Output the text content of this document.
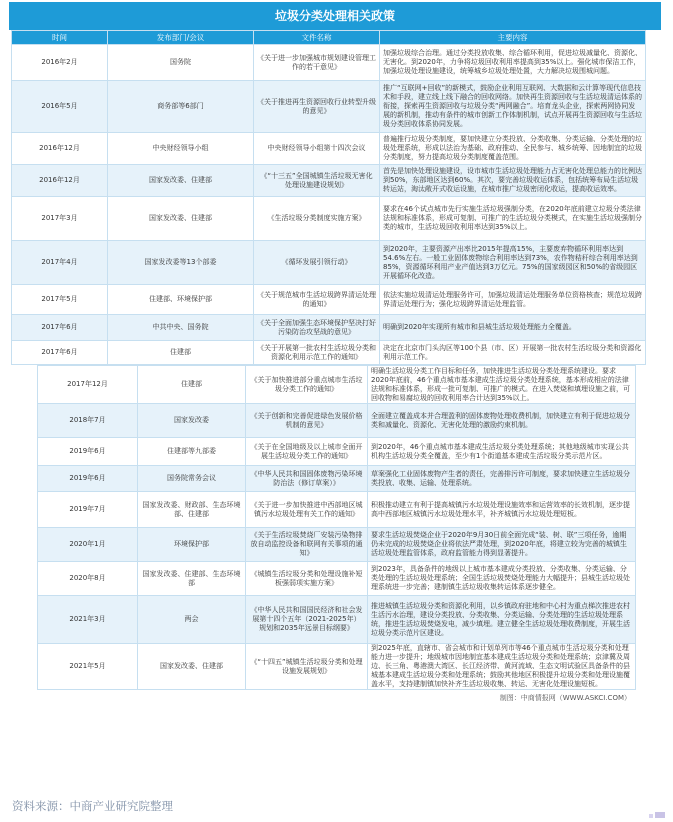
垃圾分类处理相关政策
时间	发布部门/会议	文件名称	主要内容
2016年2月	国务院	《关于进一步加强城市规划建设管理工作的若干意见》	加强垃圾综合治理。通过分类投放收集、综合循环利用，促进垃圾减量化、资源化、无害化。到2020年，力争将垃圾回收利用率提高到35%以上。强化城市保洁工作，加强垃圾处理设施建设，统筹城乡垃圾处理处置，大力解决垃圾围城问题。
2016年5月	商务部等6部门	《关于推进再生资源回收行业转型升级的意见》	推广“互联网+回收”的新模式，鼓励企业利用互联网、大数据和云计算等现代信息技术和手段，建立线上线下融合的回收网络。加快再生资源回收与生活垃圾清运体系的衔接，探索再生资源回收与垃圾分类“两网融合”。培育龙头企业，探索两网协同发展的新机制，推动有条件的城市创新工作体制机制，试点开展再生资源回收与生活垃圾分类回收体系协同发展。
2016年12月	中央财经领导小组	中央财经领导小组第十四次会议	普遍推行垃圾分类制度，要加快建立分类投放、分类收集、分类运输、分类处理的垃圾处理系统，形成以法治为基础、政府推动、全民参与、城乡统筹、因地制宜的垃圾分类制度，努力提高垃圾分类制度覆盖范围。
2016年12月	国家发改委、住建部	《“十三五”全国城镇生活垃圾无害化处理设施建设规划》	首先是加快处理设施建设，设市城市生活垃圾处理能力占无害化处理总能力的比例达到50%，东部地区达到60%。其次，要完善垃圾收运体系，包括统筹布局生活垃圾转运站，淘汰敞开式收运设施，在城市推广垃圾密闭化收运，提高收运效率。
2017年3月	国家发改委、住建部	《生活垃圾分类制度实施方案》	要求在46个试点城市先行实施生活垃圾强制分类，在2020年底前建立垃圾分类法律法规和标准体系，形成可复制、可推广的生活垃圾分类模式，在实施生活垃圾强制分类的城市，生活垃圾回收利用率达到35%以上。
2017年4月	国家发改委等13个部委	《循环发展引领行动》	到2020年，主要资源产出率比2015年提高15%，主要废弃物循环利用率达到54.6%左右。一般工业固体废物综合利用率达到73%，农作物秸秆综合利用率达到85%，资源循环利用产业产值达到3万亿元。75%的国家级园区和50%的省级园区开展循环化改造。
2017年5月	住建部、环境保护部	《关于规范城市生活垃圾跨界清运处理的通知》	依法实施垃圾清运处理服务许可，加强垃圾清运处理服务单位资格核查；规范垃圾跨界清运处理行为；强化垃圾跨界清运处理监管。
2017年6月	中共中央、国务院	《关于全面加强生态环境保护坚决打好污染防治攻坚战的意见》	明确到2020年实现所有城市和县城生活垃圾处理能力全覆盖。
2017年6月	住建部	《关于开展第一批农村生活垃圾分类和资源化利用示范工作的通知》	决定在北京市门头沟区等100个县（市、区）开展第一批农村生活垃圾分类和资源化利用示范工作。
2017年12月	住建部	《关于加快推进部分重点城市生活垃圾分类工作的通知》	明确生活垃圾分类工作目标和任务，加快推进生活垃圾分类处理系统建设。要求2020年底前，46个重点城市基本建成生活垃圾分类处理系统，基本形成相应的法律法规和标准体系，形成一批可复制、可推广的模式。在进入焚烧和填埋设施之前，可回收物和易腐垃圾的回收利用率合计达到35%以上。
2018年7月	国家发改委	《关于创新和完善促进绿色发展价格机制的意见》	全面建立覆盖成本并合理盈利的固体废物处理收费机制，加快建立有利于促进垃圾分类和减量化、资源化、无害化处理的激励约束机制。
2019年6月	住建部等九部委	《关于在全国地级及以上城市全面开展生活垃圾分类工作的通知》	到2020年，46个重点城市基本建成生活垃圾分类处理系统；其他地级城市实现公共机构生活垃圾分类全覆盖，至少有1个街道基本建成生活垃圾分类示范片区。
2019年6月	国务院常务会议	《中华人民共和国固体废物污染环境防治法（修订草案）》	草案强化工业固体废物产生者的责任，完善排污许可制度，要求加快建立生活垃圾分类投放、收集、运输、处理系统。
2019年7月	国家发改委、财政部、生态环境部、住建部	《关于进一步加快推进中西部地区城镇污水垃圾处理有关工作的通知》	积极推动建立有利于提高城镇污水垃圾处理设施效率和运营效率的长效机制，逐步提高中西部地区城镇污水垃圾处理水平，补齐城镇污水垃圾处理短板。
2020年1月	环境保护部	《关于生活垃圾焚烧厂安装污染物排放自动监控设备和联网有关事项的通知》	要求生活垃圾焚烧企业于2020年9月30日前全面完成“装、树、联”三项任务，逾期仍未完成的垃圾焚烧企业将依法严肃处理，到2020年底，将建立较为完善的城镇生活垃圾处理监管体系，政府监管能力得到显著提升。
2020年8月	国家发改委、住建部、生态环境部	《城镇生活垃圾分类和处理设施补短板强弱项实施方案》	到2023年，具备条件的地级以上城市基本建成分类投放、分类收集、分类运输、分类处理的生活垃圾处理系统；全国生活垃圾焚烧处理能力大幅提升；县城生活垃圾处理系统进一步完善；建制镇生活垃圾收集转运体系逐步健全。
2021年3月	两会	《中华人民共和国国民经济和社会发展第十四个五年（2021-2025年）规划和2035年远景目标纲要》	推进城镇生活垃圾分类和资源化利用，以乡镇政府驻地和中心村为重点梯次推进农村生活污水治理，建设分类投放、分类收集、分类运输、分类处理的生活垃圾处理系统，推进生活垃圾焚烧发电，减少填埋。建立健全生活垃圾处理收费制度，开展生活垃圾分类示范片区建设。
2021年5月	国家发改委、住建部	《“十四五”城镇生活垃圾分类和处理设施发展规划》	到2025年底，直辖市、省会城市和计划单列市等46个重点城市生活垃圾分类和处理能力进一步提升；地级城市因地制宜基本建成生活垃圾分类和处理系统；京津冀及周边、长三角、粤港澳大湾区、长江经济带、黄河流域、生态文明试验区具备条件的县城基本建成生活垃圾分类和处理系统；鼓励其他地区积极提升垃圾分类和处理设施覆盖水平，支持建制镇加快补齐生活垃圾收集、转运、无害化处理设施短板。
制图：中商情报网（WWW.ASKCI.COM）
资料来源：中商产业研究院整理
